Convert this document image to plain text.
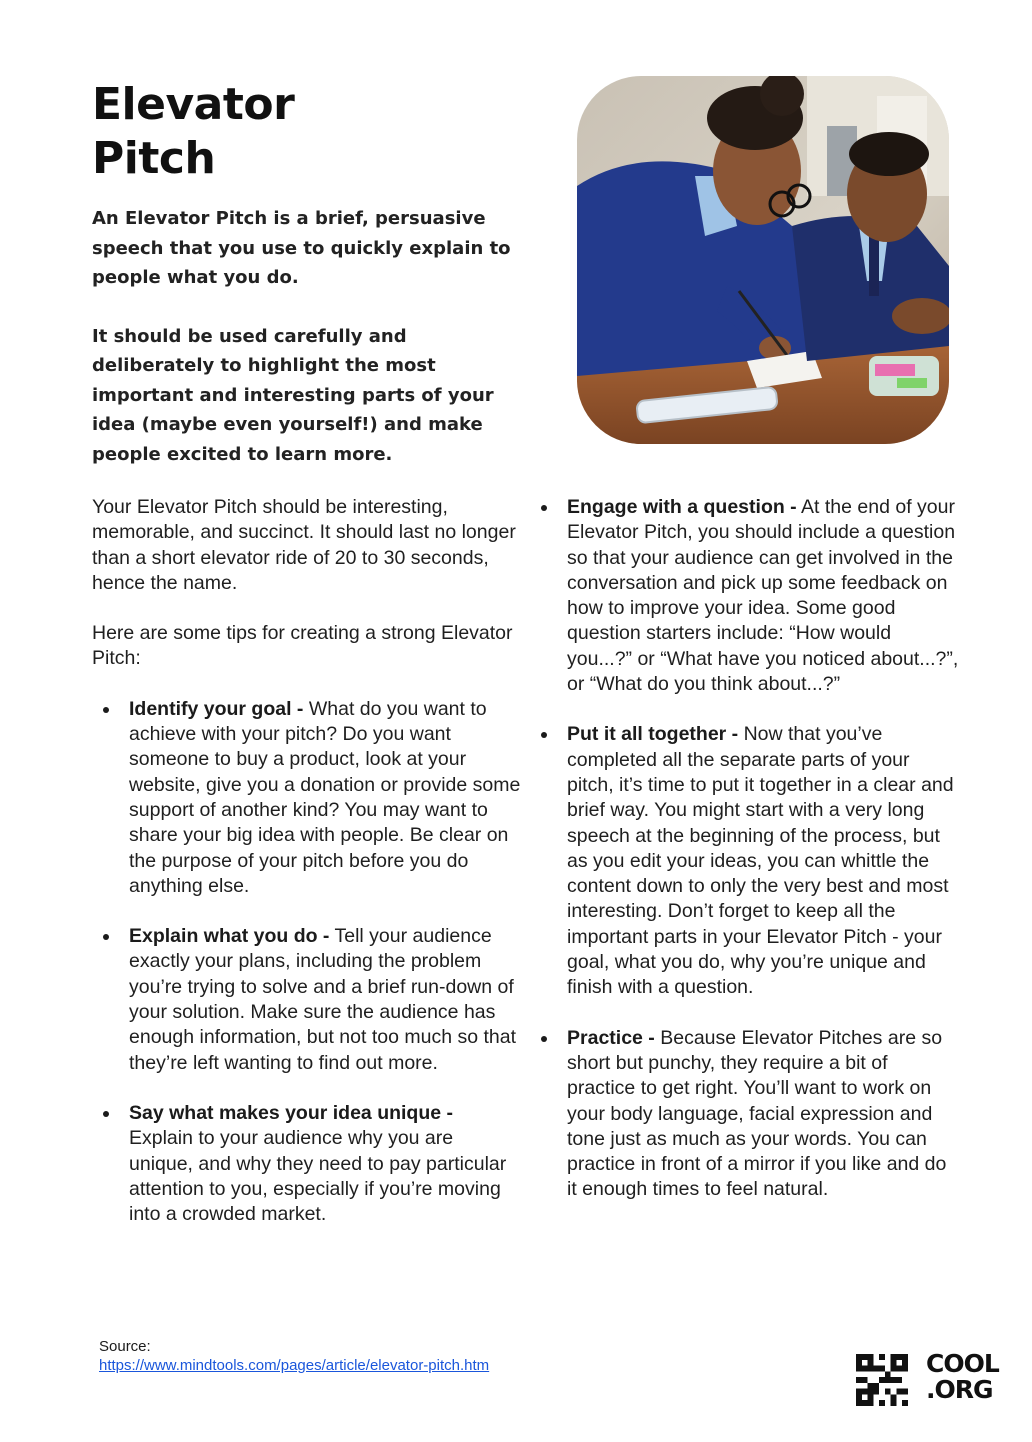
Elevator
Pitch

An Elevator Pitch is a brief, persuasive speech that you use to quickly explain to people what you do.

It should be used carefully and deliberately to highlight the most important and interesting parts of your idea (maybe even yourself!) and make people excited to learn more.

Your Elevator Pitch should be interesting, memorable, and succinct. It should last no longer than a short elevator ride of 20 to 30 seconds, hence the name.

Here are some tips for creating a strong Elevator Pitch:

Identify your goal - What do you want to achieve with your pitch? Do you want someone to buy a product, look at your website, give you a donation or provide some support of another kind? You may want to share your big idea with people. Be clear on the purpose of your pitch before you do anything else.
Explain what you do - Tell your audience exactly your plans, including the problem you’re trying to solve and a brief run-down of your solution. Make sure the audience has enough information, but not too much so that they’re left wanting to find out more.
Say what makes your idea unique - Explain to your audience why you are unique, and why they need to pay particular attention to you, especially if you’re moving into a crowded market.
Engage with a question - At the end of your Elevator Pitch, you should include a question so that your audience can get involved in the conversation and pick up some feedback on how to improve your idea. Some good question starters include: “How would you...?” or “What have you noticed about...?”, or “What do you think about...?”
Put it all together - Now that you’ve completed all the separate parts of your pitch, it’s time to put it together in a clear and brief way. You might start with a very long speech at the beginning of the process, but as you edit your ideas, you can whittle the content down to only the very best and most interesting. Don’t forget to keep all the important parts in your Elevator Pitch - your goal, what you do, why you’re unique and finish with a question.
Practice - Because Elevator Pitches are so short but punchy, they require a bit of practice to get right. You’ll want to work on your body language, facial expression and tone just as much as your words. You can practice in front of a mirror if you like and do it enough times to feel natural.
Source:
https://www.mindtools.com/pages/article/elevator-pitch.htm	COOL
.ORG
